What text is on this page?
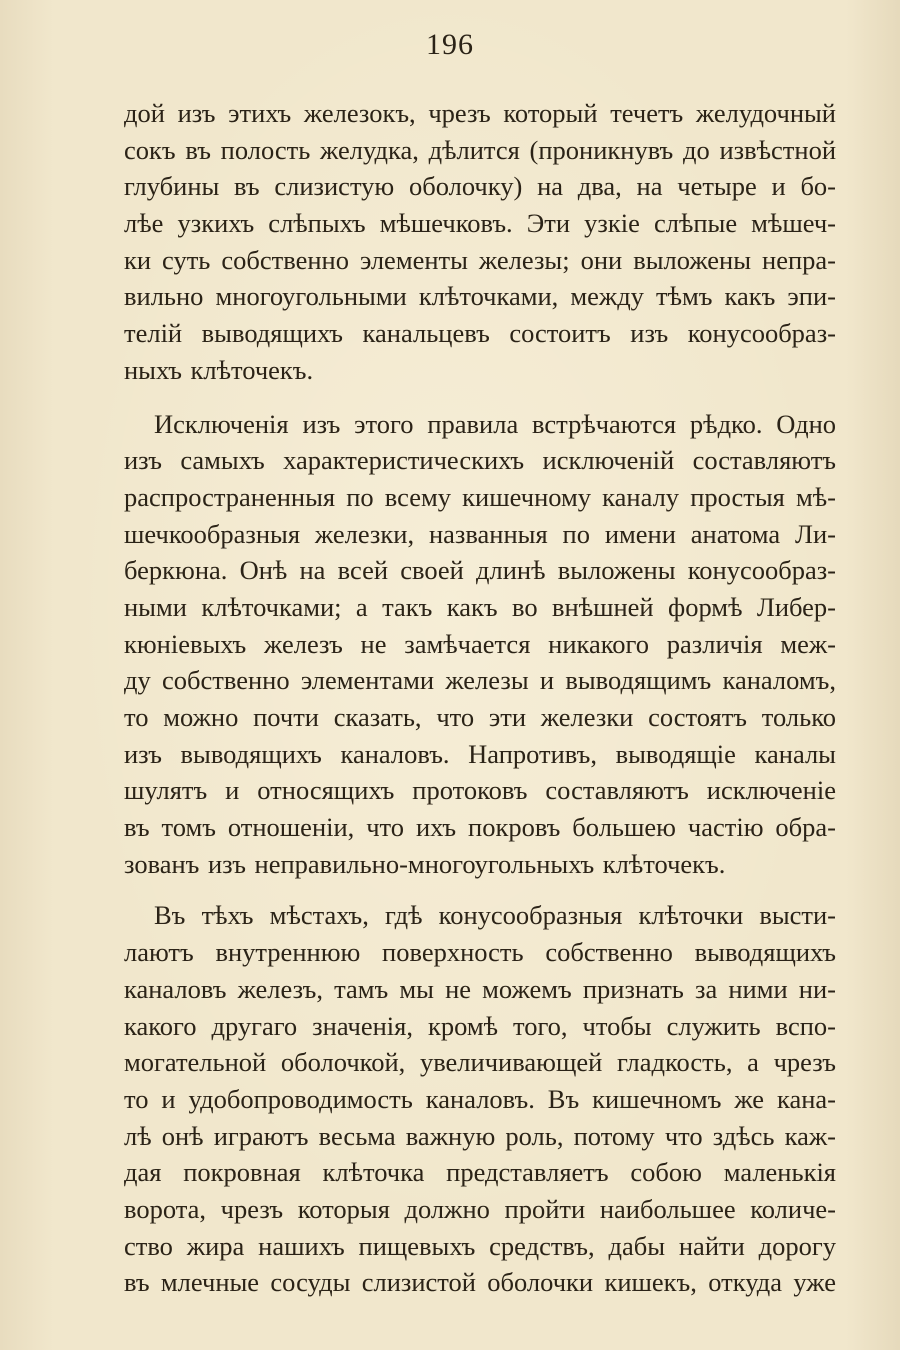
196
дой изъ этихъ железокъ, чрезъ который течетъ желудочный
сокъ въ полость желудка, дѣлится (проникнувъ до извѣстной
глубины въ слизистую оболочку) на два, на четыре и бо-
лѣе узкихъ слѣпыхъ мѣшечковъ. Эти узкіе слѣпые мѣшеч-
ки суть собственно элементы железы; они выложены непра-
вильно многоугольными клѣточками, между тѣмъ какъ эпи-
телій выводящихъ канальцевъ состоитъ изъ конусообраз-
ныхъ клѣточекъ.
Исключенія изъ этого правила встрѣчаются рѣдко. Одно
изъ самыхъ характеристическихъ исключеній составляютъ
распространенныя по всему кишечному каналу простыя мѣ-
шечкообразныя железки, названныя по имени анатома Ли-
беркюна. Онѣ на всей своей длинѣ выложены конусообраз-
ными клѣточками; а такъ какъ во внѣшней формѣ Либер-
кюніевыхъ железъ не замѣчается никакого различія меж-
ду собственно элементами железы и выводящимъ каналомъ,
то можно почти сказать, что эти железки состоятъ только
изъ выводящихъ каналовъ. Напротивъ, выводящіе каналы
шулятъ и относящихъ протоковъ составляютъ исключеніе
въ томъ отношеніи, что ихъ покровъ большею частію обра-
зованъ изъ неправильно-многоугольныхъ клѣточекъ.
Въ тѣхъ мѣстахъ, гдѣ конусообразныя клѣточки высти-
лаютъ внутреннюю поверхность собственно выводящихъ
каналовъ железъ, тамъ мы не можемъ признать за ними ни-
какого другаго значенія, кромѣ того, чтобы служить вспо-
могательной оболочкой, увеличивающей гладкость, а чрезъ
то и удобопроводимость каналовъ. Въ кишечномъ же кана-
лѣ онѣ играютъ весьма важную роль, потому что здѣсь каж-
дая покровная клѣточка представляетъ собою маленькія
ворота, чрезъ которыя должно пройти наибольшее количе-
ство жира нашихъ пищевыхъ средствъ, дабы найти дорогу
въ млечные сосуды слизистой оболочки кишекъ, откуда уже
